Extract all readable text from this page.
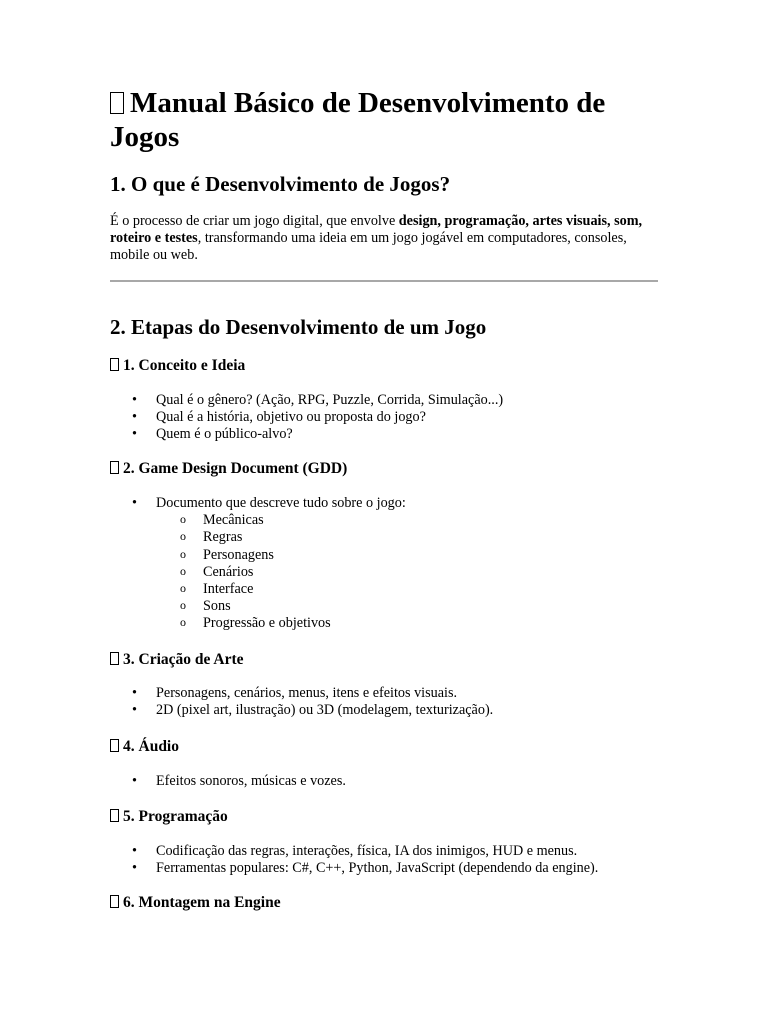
Manual Básico de Desenvolvimento de Jogos
1. O que é Desenvolvimento de Jogos?

É o processo de criar um jogo digital, que envolve design, programação, artes visuais, som, roteiro e testes, transformando uma ideia em um jogo jogável em computadores, consoles, mobile ou web.

2. Etapas do Desenvolvimento de um Jogo
1. Conceito e Ideia
• Qual é o gênero? (Ação, RPG, Puzzle, Corrida, Simulação...)
• Qual é a história, objetivo ou proposta do jogo?
• Quem é o público-alvo?
2. Game Design Document (GDD)
• Documento que descreve tudo sobre o jogo:
o Mecânicas
o Regras
o Personagens
o Cenários
o Interface
o Sons
o Progressão e objetivos
3. Criação de Arte
• Personagens, cenários, menus, itens e efeitos visuais.
• 2D (pixel art, ilustração) ou 3D (modelagem, texturização).
4. Áudio
• Efeitos sonoros, músicas e vozes.
5. Programação
• Codificação das regras, interações, física, IA dos inimigos, HUD e menus.
• Ferramentas populares: C#, C++, Python, JavaScript (dependendo da engine).
6. Montagem na Engine
